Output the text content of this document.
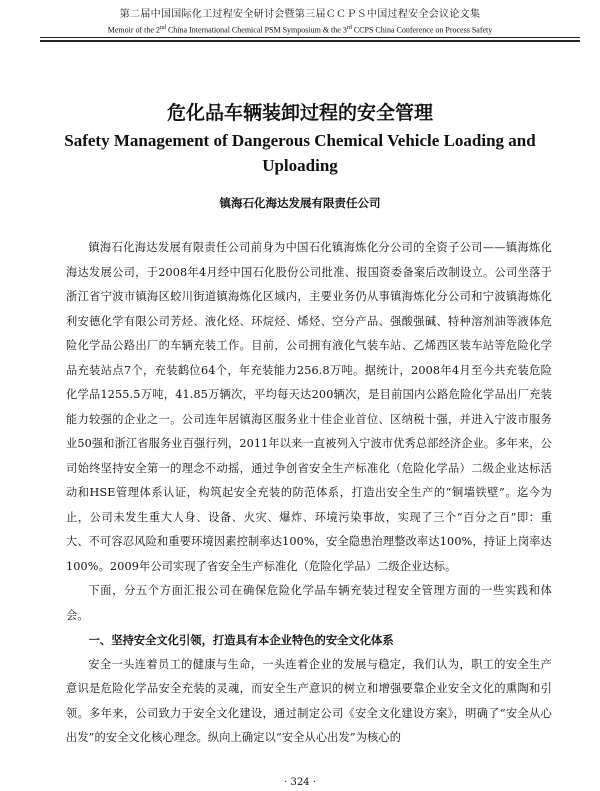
第二届中国国际化工过程安全研讨会暨第三届ＣＣＰＳ中国过程安全会议论文集
Memoir of the 2nd China International Chemical PSM Symposium & the 3rd CCPS China Conference on Process Safety
危化品车辆装卸过程的安全管理
Safety Management of Dangerous Chemical Vehicle Loading and Uploading
镇海石化海达发展有限责任公司

镇海石化海达发展有限责任公司前身为中国石化镇海炼化分公司的全资子公司——镇海炼化海达发展公司，于2008年4月经中国石化股份公司批准、报国资委备案后改制设立。公司坐落于浙江省宁波市镇海区蛟川街道镇海炼化区域内，主要业务仍从事镇海炼化分公司和宁波镇海炼化利安德化学有限公司芳烃、液化烃、环烷烃、烯烃、空分产品、强酸强碱、特种溶剂油等液体危险化学品公路出厂的车辆充装工作。目前，公司拥有液化气装车站、乙烯西区装车站等危险化学品充装站点7个，充装鹤位64个，年充装能力256.8万吨。据统计，2008年4月至今共充装危险化学品1255.5万吨，41.85万辆次，平均每天达200辆次，是目前国内公路危险化学品出厂充装能力较强的企业之一。公司连年居镇海区服务业十佳企业首位、区纳税十强，并进入宁波市服务业50强和浙江省服务业百强行列，2011年以来一直被列入宁波市优秀总部经济企业。多年来，公司始终坚持安全第一的理念不动摇，通过争创省安全生产标准化（危险化学品）二级企业达标活动和HSE管理体系认证，构筑起安全充装的防范体系，打造出安全生产的“铜墙铁壁”。迄今为止，公司未发生重大人身、设备、火灾、爆炸、环境污染事故，实现了三个“百分之百”即：重大、不可容忍风险和重要环境因素控制率达100%，安全隐患治理整改率达100%，持证上岗率达100%。2009年公司实现了省安全生产标准化（危险化学品）二级企业达标。

下面，分五个方面汇报公司在确保危险化学品车辆充装过程安全管理方面的一些实践和体会。

一、坚持安全文化引领，打造具有本企业特色的安全文化体系

安全一头连着员工的健康与生命，一头连着企业的发展与稳定，我们认为，职工的安全生产意识是危险化学品安全充装的灵魂，而安全生产意识的树立和增强要靠企业安全文化的熏陶和引领。多年来，公司致力于安全文化建设，通过制定公司《安全文化建设方案》，明确了“安全从心出发”的安全文化核心理念。纵向上确定以“安全从心出发”为核心的

· 324 ·
